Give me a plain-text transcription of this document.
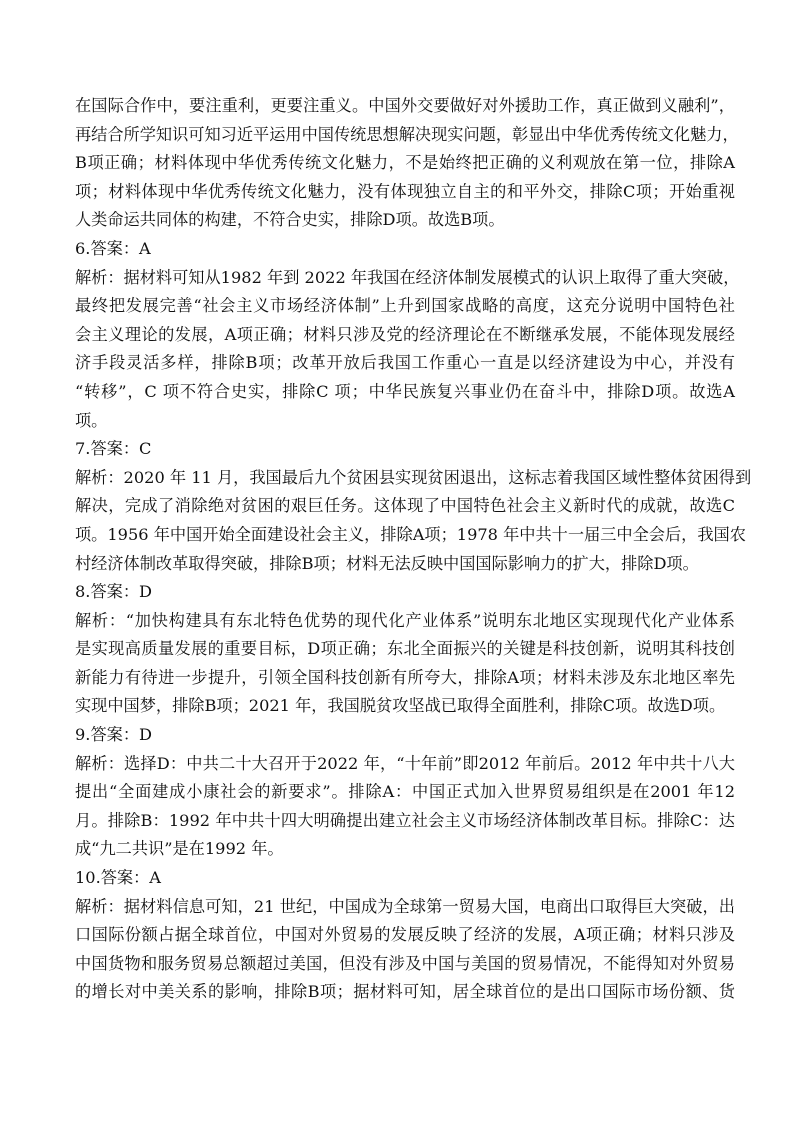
在国际合作中，要注重利，更要注重义。中国外交要做好对外援助工作，真正做到义融利”，
再结合所学知识可知习近平运用中国传统思想解决现实问题，彰显出中华优秀传统文化魅力，
B项正确；材料体现中华优秀传统文化魅力，不是始终把正确的义利观放在第一位，排除A
项；材料体现中华优秀传统文化魅力，没有体现独立自主的和平外交，排除C项；开始重视
人类命运共同体的构建，不符合史实，排除D项。故选B项。
6.答案：A
解析：据材料可知从1982 年到 2022 年我国在经济体制发展模式的认识上取得了重大突破，
最终把发展完善“社会主义市场经济体制”上升到国家战略的高度，这充分说明中国特色社
会主义理论的发展，A项正确；材料只涉及党的经济理论在不断继承发展，不能体现发展经
济手段灵活多样，排除B项；改革开放后我国工作重心一直是以经济建设为中心，并没有
“转移”，C 项不符合史实，排除C 项；中华民族复兴事业仍在奋斗中，排除D项。故选A
项。
7.答案：C
解析：2020 年 11 月，我国最后九个贫困县实现贫困退出，这标志着我国区域性整体贫困得到
解决，完成了消除绝对贫困的艰巨任务。这体现了中国特色社会主义新时代的成就，故选C
项。1956 年中国开始全面建设社会主义，排除A项；1978 年中共十一届三中全会后，我国农
村经济体制改革取得突破，排除B项；材料无法反映中国国际影响力的扩大，排除D项。
8.答案：D
解析：“加快构建具有东北特色优势的现代化产业体系”说明东北地区实现现代化产业体系
是实现高质量发展的重要目标，D项正确；东北全面振兴的关键是科技创新，说明其科技创
新能力有待进一步提升，引领全国科技创新有所夸大，排除A项；材料未涉及东北地区率先
实现中国梦，排除B项；2021 年，我国脱贫攻坚战已取得全面胜利，排除C项。故选D项。
9.答案：D
解析：选择D：中共二十大召开于2022 年，“十年前”即2012 年前后。2012 年中共十八大
提出“全面建成小康社会的新要求”。排除A：中国正式加入世界贸易组织是在2001 年12
月。排除B：1992 年中共十四大明确提出建立社会主义市场经济体制改革目标。排除C：达
成“九二共识”是在1992 年。
10.答案：A
解析：据材料信息可知，21 世纪，中国成为全球第一贸易大国，电商出口取得巨大突破，出
口国际份额占据全球首位，中国对外贸易的发展反映了经济的发展，A项正确；材料只涉及
中国货物和服务贸易总额超过美国，但没有涉及中国与美国的贸易情况，不能得知对外贸易
的增长对中美关系的影响，排除B项；据材料可知，居全球首位的是出口国际市场份额、货
